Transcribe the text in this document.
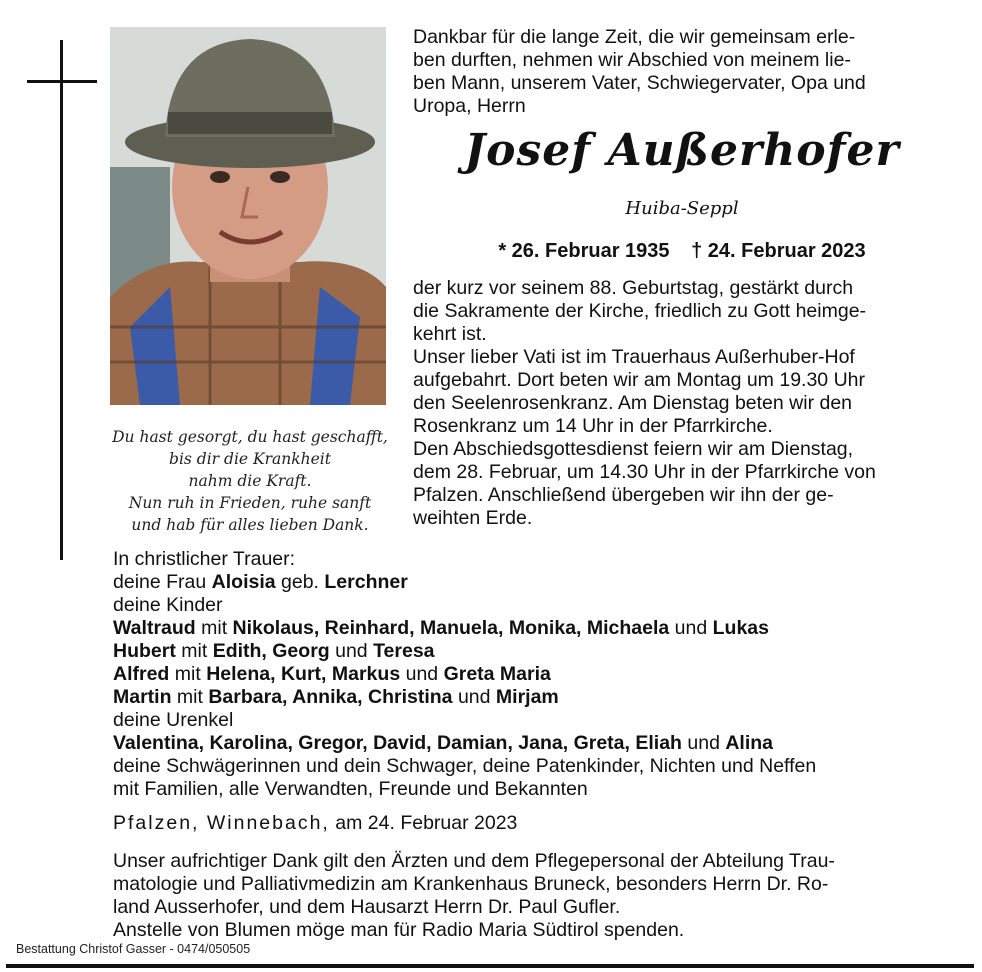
Du hast gesorgt, du hast geschafft,
bis dir die Krankheit
nahm die Kraft.
Nun ruh in Frieden, ruhe sanft
und hab für alles lieben Dank.
Dankbar für die lange Zeit, die wir gemeinsam erle-
ben durften, nehmen wir Abschied von meinem lie-
ben Mann, unserem Vater, Schwiegervater, Opa und
Uropa, Herrn
Josef Außerhofer
Huiba-Seppl
* 26. Februar 1935 † 24. Februar 2023
der kurz vor seinem 88. Geburtstag, gestärkt durch
die Sakramente der Kirche, friedlich zu Gott heimge-
kehrt ist.
Unser lieber Vati ist im Trauerhaus Außerhuber-Hof
aufgebahrt. Dort beten wir am Montag um 19.30 Uhr
den Seelenrosenkranz. Am Dienstag beten wir den
Rosenkranz um 14 Uhr in der Pfarrkirche.
Den Abschiedsgottesdienst feiern wir am Dienstag,
dem 28. Februar, um 14.30 Uhr in der Pfarrkirche von
Pfalzen. Anschließend übergeben wir ihn der ge-
weihten Erde.
In christlicher Trauer:
deine Frau Aloisia geb. Lerchner
deine Kinder
Waltraud mit Nikolaus, Reinhard, Manuela, Monika, Michaela und Lukas
Hubert mit Edith, Georg und Teresa
Alfred mit Helena, Kurt, Markus und Greta Maria
Martin mit Barbara, Annika, Christina und Mirjam
deine Urenkel
Valentina, Karolina, Gregor, David, Damian, Jana, Greta, Eliah und Alina
deine Schwägerinnen und dein Schwager, deine Patenkinder, Nichten und Neffen
mit Familien, alle Verwandten, Freunde und Bekannten
Pfalzen, Winnebach, am 24. Februar 2023
Unser aufrichtiger Dank gilt den Ärzten und dem Pflegepersonal der Abteilung Trau-
matologie und Palliativmedizin am Krankenhaus Bruneck, besonders Herrn Dr. Ro-
land Ausserhofer, und dem Hausarzt Herrn Dr. Paul Gufler.
Anstelle von Blumen möge man für Radio Maria Südtirol spenden.
Bestattung Christof Gasser - 0474/050505
